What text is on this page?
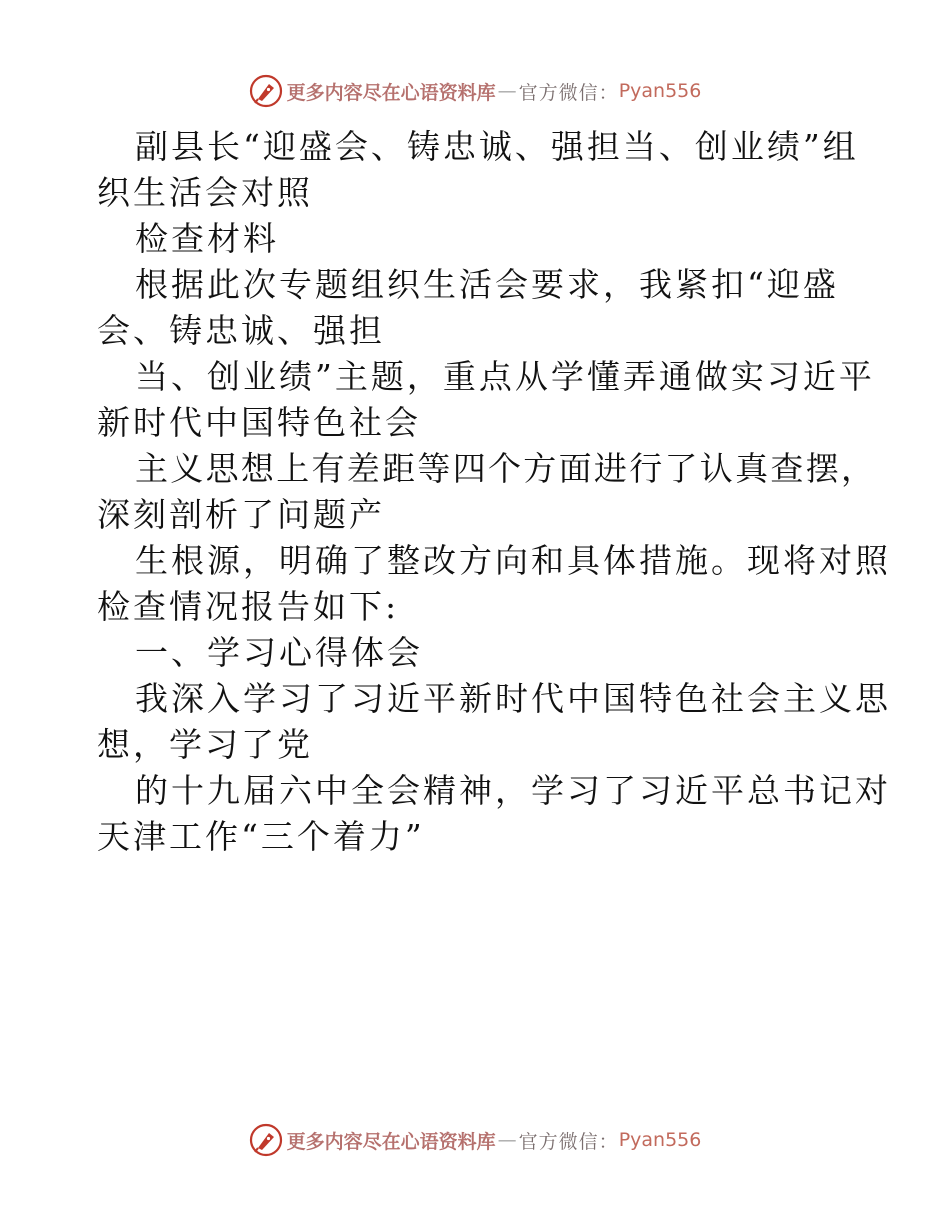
更多内容尽在心语资料库 — 官方微信： Pyan556
副县长“迎盛会、铸忠诚、强担当、创业绩”组
织生活会对照
检查材料
根据此次专题组织生活会要求，我紧扣“迎盛
会、铸忠诚、强担
当、创业绩”主题，重点从学懂弄通做实习近平
新时代中国特色社会
主义思想上有差距等四个方面进行了认真查摆，
深刻剖析了问题产
生根源，明确了整改方向和具体措施。现将对照
检查情况报告如下:
一、学习心得体会
我深入学习了习近平新时代中国特色社会主义思
想，学习了党
的十九届六中全会精神，学习了习近平总书记对
天津工作“三个着力”
更多内容尽在心语资料库 — 官方微信： Pyan556
